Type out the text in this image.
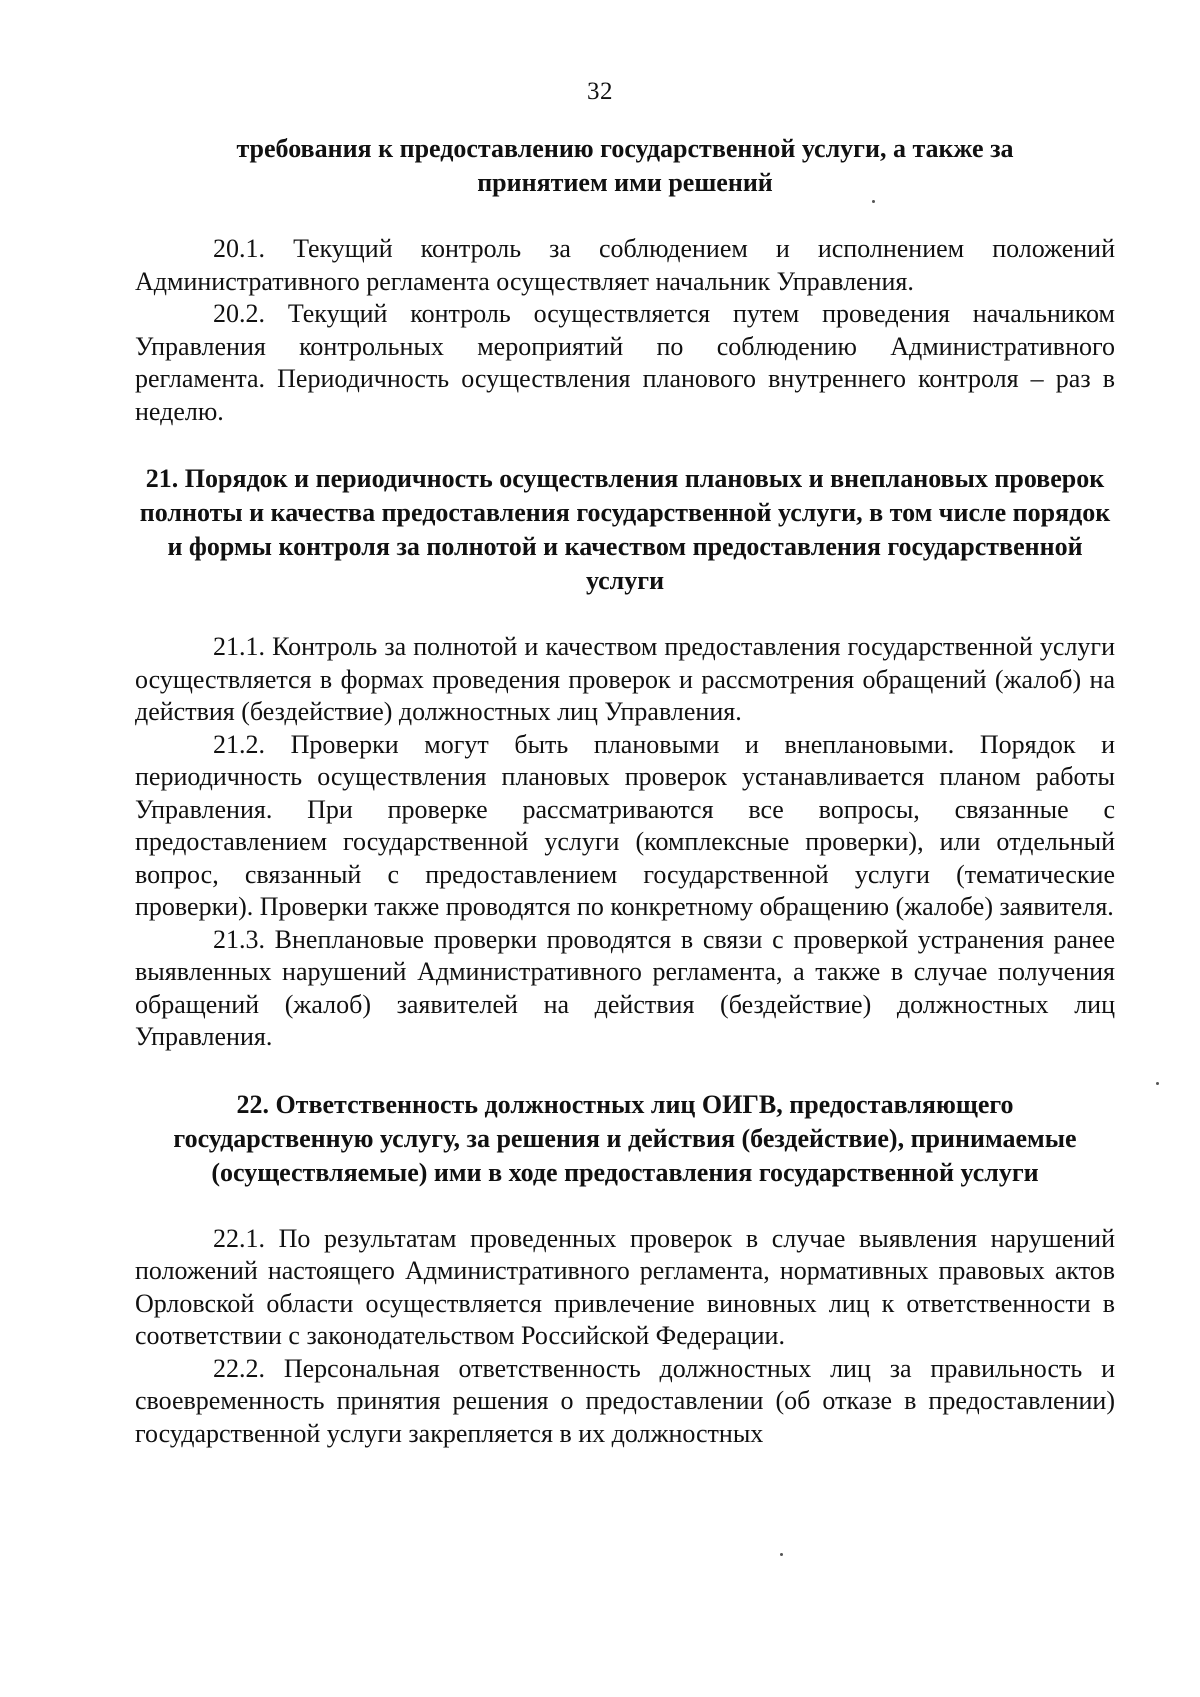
32

требования к предоставлению государственной услуги, а также за принятием ими решений

20.1. Текущий контроль за соблюдением и исполнением положений Административного регламента осуществляет начальник Управления.

20.2. Текущий контроль осуществляется путем проведения начальником Управления контрольных мероприятий по соблюдению Административного регламента. Периодичность осуществления планового внутреннего контроля – раз в неделю.

21. Порядок и периодичность осуществления плановых и внеплановых проверок полноты и качества предоставления государственной услуги, в том числе порядок и формы контроля за полнотой и качеством предоставления государственной услуги

21.1. Контроль за полнотой и качеством предоставления государственной услуги осуществляется в формах проведения проверок и рассмотрения обращений (жалоб) на действия (бездействие) должностных лиц Управления.

21.2. Проверки могут быть плановыми и внеплановыми. Порядок и периодичность осуществления плановых проверок устанавливается планом работы Управления. При проверке рассматриваются все вопросы, связанные с предоставлением государственной услуги (комплексные проверки), или отдельный вопрос, связанный с предоставлением государственной услуги (тематические проверки). Проверки также проводятся по конкретному обращению (жалобе) заявителя.

21.3. Внеплановые проверки проводятся в связи с проверкой устранения ранее выявленных нарушений Административного регламента, а также в случае получения обращений (жалоб) заявителей на действия (бездействие) должностных лиц Управления.

22. Ответственность должностных лиц ОИГВ, предоставляющего государственную услугу, за решения и действия (бездействие), принимаемые (осуществляемые) ими в ходе предоставления государственной услуги

22.1. По результатам проведенных проверок в случае выявления нарушений положений настоящего Административного регламента, нормативных правовых актов Орловской области осуществляется привлечение виновных лиц к ответственности в соответствии с законодательством Российской Федерации.

22.2. Персональная ответственность должностных лиц за правильность и своевременность принятия решения о предоставлении (об отказе в предоставлении) государственной услуги закрепляется в их должностных
